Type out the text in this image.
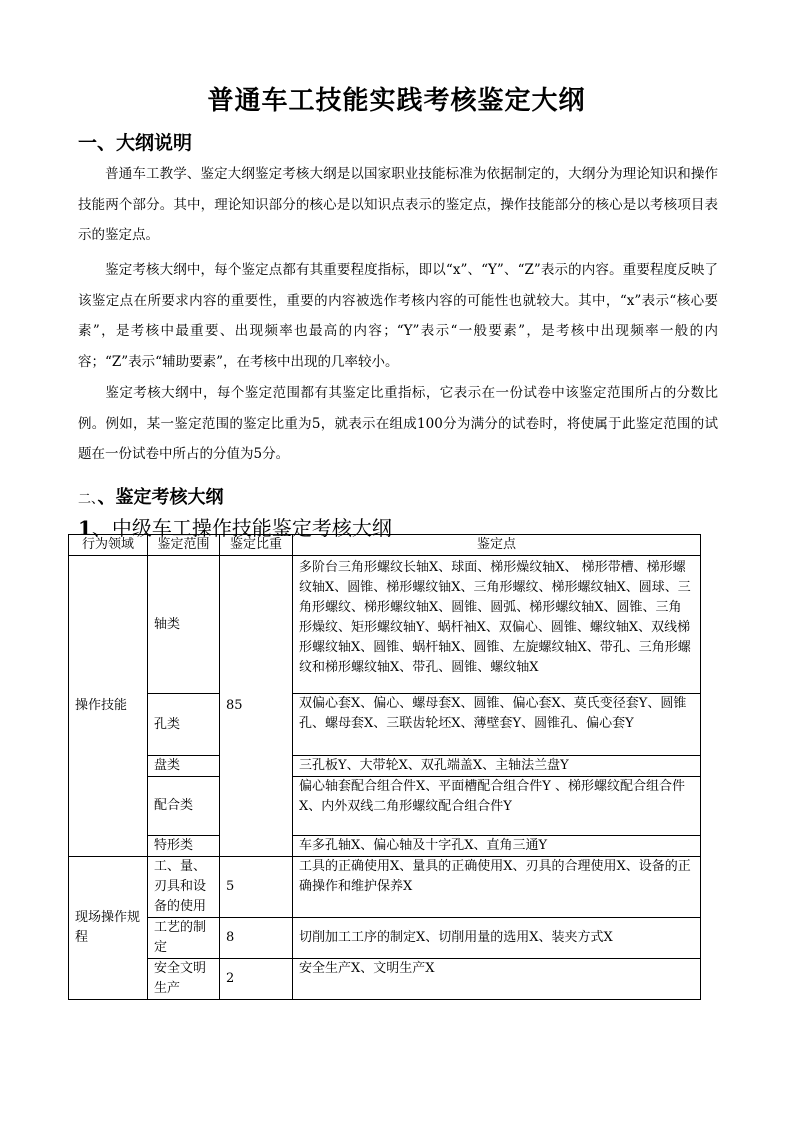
普通车工技能实践考核鉴定大纲
一、大纲说明
普通车工教学、鉴定大纲鉴定考核大纲是以国家职业技能标准为依据制定的，大纲分为理论知识和操作技能两个部分。其中，理论知识部分的核心是以知识点表示的鉴定点，操作技能部分的核心是以考核项目表示的鉴定点。
鉴定考核大纲中，每个鉴定点都有其重要程度指标，即以“x”、“Y”、“Z”表示的内容。重要程度反映了该鉴定点在所要求内容的重要性，重要的内容被选作考核内容的可能性也就较大。其中，“x”表示“核心要素”，是考核中最重要、出现频率也最高的内容；“Y”表示“一般要素”，是考核中出现频率一般的内容；“Z”表示“辅助要素”，在考核中出现的几率较小。
鉴定考核大纲中，每个鉴定范围都有其鉴定比重指标，它表示在一份试卷中该鉴定范围所占的分数比例。例如，某一鉴定范围的鉴定比重为5，就表示在组成100分为满分的试卷时，将使属于此鉴定范围的试题在一份试卷中所占的分值为5分。
二、、鉴定考核大纲
1、中级车工操作技能鉴定考核大纲
行为领域	鉴定范围	鉴定比重	鉴定点
操作技能	轴类	85	多阶台三角形螺纹长轴X、球面、梯形燥纹轴X、 梯形带槽、梯形螺纹轴X、圆锥、梯形螺纹铀X、三角形螺纹、梯形螺纹轴X、圆球、三角形螺纹、梯形螺纹轴X、圆锥、圆弧、梯形螺纹轴X、圆锥、三角形燥纹、矩形螺纹轴Y、蜗杆袖X、双偏心、圆锥、螺纹轴X、双线梯形螺纹轴X、圆锥、蜗杆轴X、圆锥、左旋螺纹轴X、带孔、三角形螺纹和梯形螺纹轴X、带孔、圆锥、螺纹轴X
	孔类		双偏心套X、偏心、螺母套X、圆锥、偏心套X、莫氏变径套Y、圆锥孔、螺母套X、三联齿轮坯X、薄壁套Y、圆锥孔、偏心套Y
	盘类		三孔板Y、大带轮X、双孔端盖X、主轴法兰盘Y
	配合类		偏心轴套配合组合件X、平面槽配合组合件Y 、梯形螺纹配合组合件X、内外双线二角形螺纹配合组合件Y
	特形类		车多孔轴X、偏心轴及十字孔X、直角三通Y
现场操作规程	工、量、刃具和设备的使用	5	工具的正确使用X、量具的正确使用X、刃具的合理使用X、设备的正确操作和维护保养X
	工艺的制定	8	切削加工工序的制定X、切削用量的选用X、装夹方式X
	安全文明生产	2	安全生产X、文明生产X
